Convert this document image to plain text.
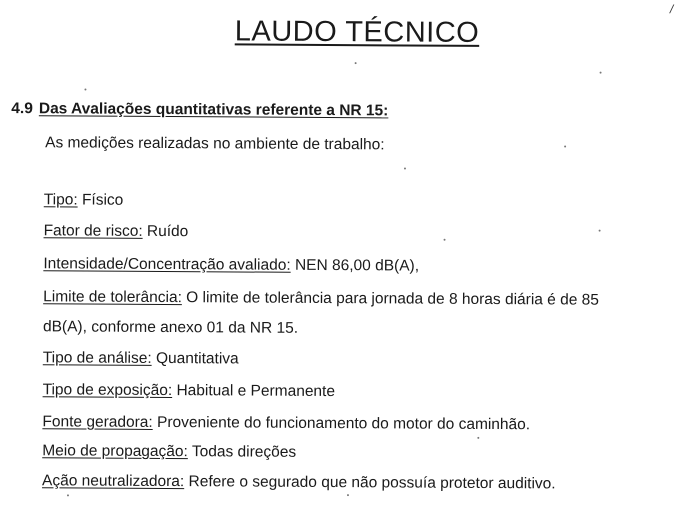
/
LAUDO TÉCNICO
4.9 Das Avaliações quantitativas referente a NR 15:
As medições realizadas no ambiente de trabalho:
Tipo: Físico
Fator de risco: Ruído
Intensidade/Concentração avaliado: NEN 86,00 dB(A),
Limite de tolerância: O limite de tolerância para jornada de 8 horas diária é de 85
dB(A), conforme anexo 01 da NR 15.
Tipo de análise: Quantitativa
Tipo de exposição: Habitual e Permanente
Fonte geradora: Proveniente do funcionamento do motor do caminhão.
Meio de propagação: Todas direções
Ação neutralizadora: Refere o segurado que não possuía protetor auditivo.
